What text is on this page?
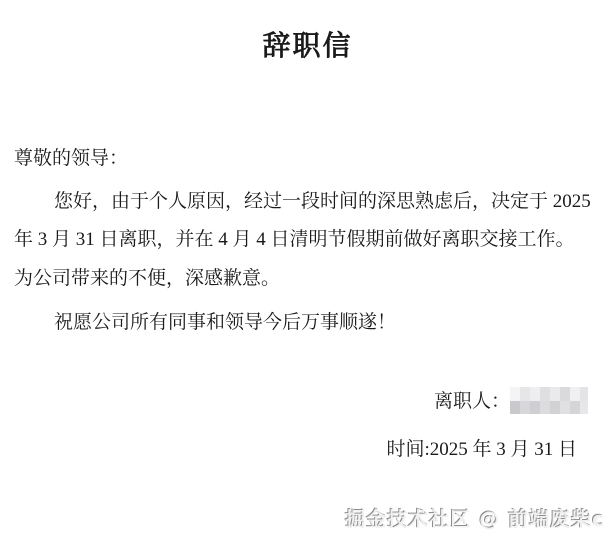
辞职信
尊敬的领导：
您好，由于个人原因，经过一段时间的深思熟虑后，决定于 2025
年 3 月 31 日离职，并在 4 月 4 日清明节假期前做好离职交接工作。
为公司带来的不便，深感歉意。
祝愿公司所有同事和领导今后万事顺遂！
离职人：
时间:2025 年 3 月 31 日
掘金技术社区 @ 前端废柴c
